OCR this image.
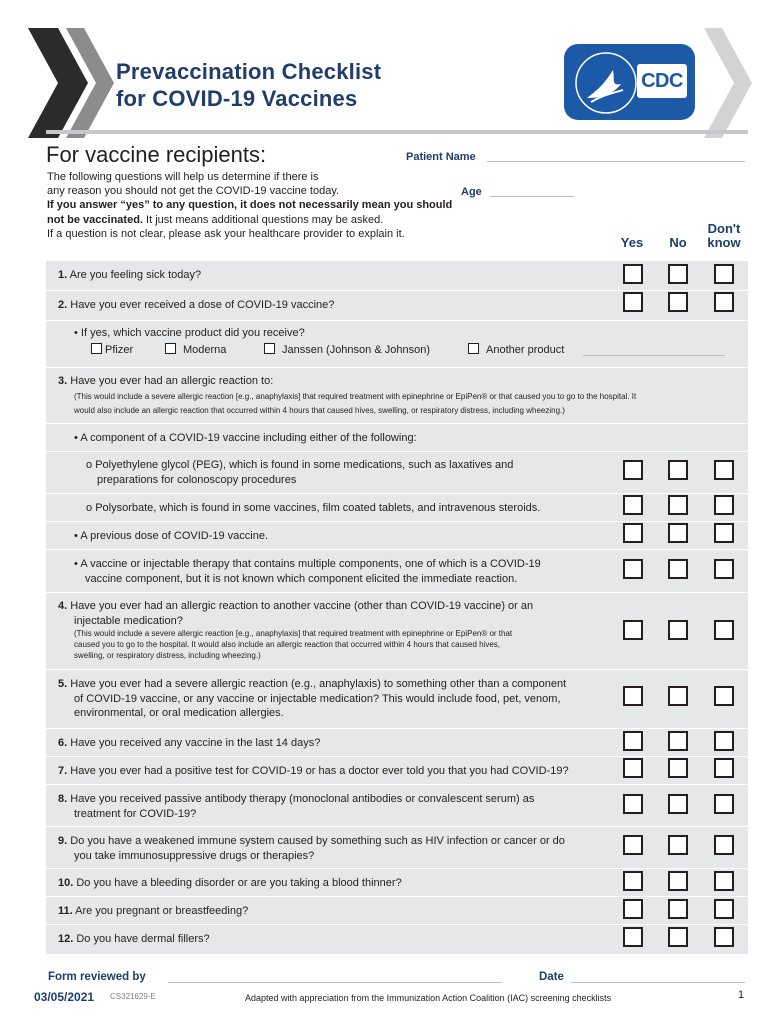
Prevaccination Checklist
for COVID-19 Vaccines
CDC
For vaccine recipients:
The following questions will help us determine if there is
any reason you should not get the COVID-19 vaccine today.
If you answer “yes” to any question, it does not necessarily mean you should not be vaccinated. It just means additional questions may be asked.
If a question is not clear, please ask your healthcare provider to explain it.
Patient Name
Age
Yes	No
Don't
know
1. Are you feeling sick today?
2. Have you ever received a dose of COVID-19 vaccine?
• If yes, which vaccine product did you receive?
Pfizer	Moderna	Janssen (Johnson & Johnson)	Another product
3. Have you ever had an allergic reaction to:
(This would include a severe allergic reaction [e.g., anaphylaxis] that required treatment with epinephrine or EpiPen® or that caused you to go to the hospital. It
would also include an allergic reaction that occurred within 4 hours that caused hives, swelling, or respiratory distress, including wheezing.)
• A component of a COVID-19 vaccine including either of the following:
o Polyethylene glycol (PEG), which is found in some medications, such as laxatives and
preparations for colonoscopy procedures
o Polysorbate, which is found in some vaccines, film coated tablets, and intravenous steroids.
• A previous dose of COVID-19 vaccine.
• A vaccine or injectable therapy that contains multiple components, one of which is a COVID-19
vaccine component, but it is not known which component elicited the immediate reaction.
4. Have you ever had an allergic reaction to another vaccine (other than COVID-19 vaccine) or an
injectable medication?
(This would include a severe allergic reaction [e.g., anaphylaxis] that required treatment with epinephrine or EpiPen® or that
caused you to go to the hospital. It would also include an allergic reaction that occurred within 4 hours that caused hives,
swelling, or respiratory distress, including wheezing.)
5. Have you ever had a severe allergic reaction (e.g., anaphylaxis) to something other than a component
of COVID-19 vaccine, or any vaccine or injectable medication? This would include food, pet, venom,
environmental, or oral medication allergies.
6. Have you received any vaccine in the last 14 days?
7. Have you ever had a positive test for COVID-19 or has a doctor ever told you that you had COVID-19?
8. Have you received passive antibody therapy (monoclonal antibodies or convalescent serum) as
treatment for COVID-19?
9. Do you have a weakened immune system caused by something such as HIV infection or cancer or do
you take immunosuppressive drugs or therapies?
10. Do you have a bleeding disorder or are you taking a blood thinner?
11. Are you pregnant or breastfeeding?
12. Do you have dermal fillers?
Form reviewed by	Date
03/05/2021 CS321629-E	Adapted with appreciation from the Immunization Action Coalition (IAC) screening checklists	1
